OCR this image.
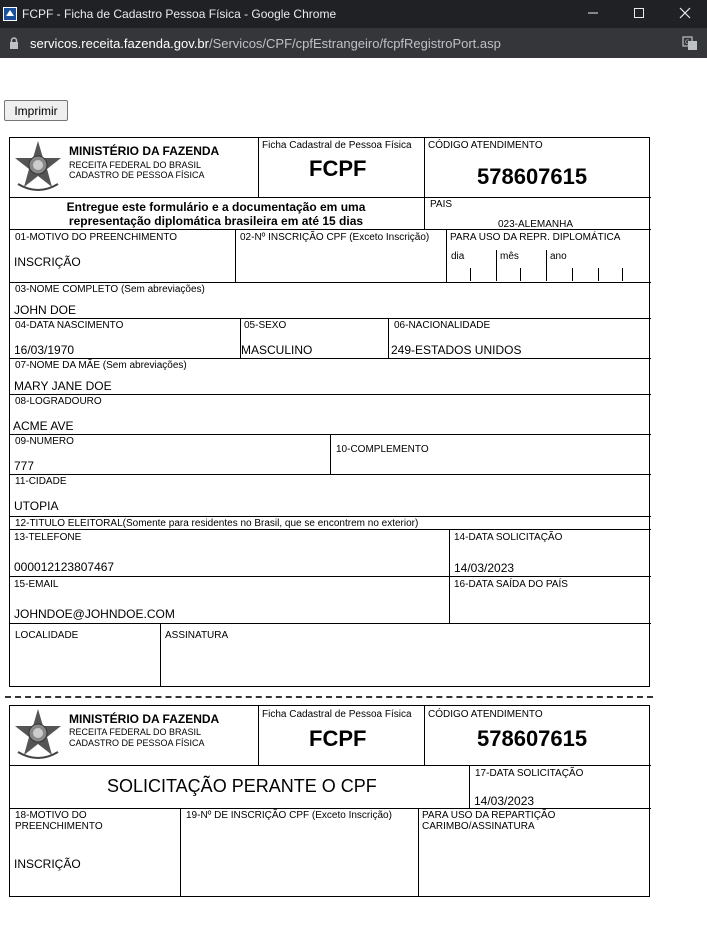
FCPF - Ficha de Cadastro Pessoa Física - Google Chrome
servicos.receita.fazenda.gov.br/Servicos/CPF/cpfEstrangeiro/fcpfRegistroPort.asp	G
Imprimir
MINISTÉRIO DA FAZENDA
RECEITA FEDERAL DO BRASIL
CADASTRO DE PESSOA FÍSICA
Ficha Cadastral de Pessoa Física
FCPF
CÓDIGO ATENDIMENTO
578607615
Entregue este formulário e a documentação em uma representação diplomática brasileira em até 15 dias
PAIS
023-ALEMANHA
01-MOTIVO DO PREENCHIMENTO
INSCRIÇÃO
02-Nº INSCRIÇÃO CPF (Exceto Inscrição) PARA USO DA REPR. DIPLOMÁTICA
dia	mês	ano
03-NOME COMPLETO (Sem abreviações)
JOHN DOE
04-DATA NASCIMENTO
16/03/1970
05-SEXO
MASCULINO
06-NACIONALIDADE
249-ESTADOS UNIDOS
07-NOME DA MÃE (Sem abreviações)
MARY JANE DOE
08-LOGRADOURO
ACME AVE
09-NUMERO
777
10-COMPLEMENTO
11-CIDADE
UTOPIA
12-TITULO ELEITORAL(Somente para residentes no Brasil, que se encontrem no exterior)
13-TELEFONE
000012123807467
14-DATA SOLICITAÇÃO
14/03/2023
15-EMAIL
JOHNDOE@JOHNDOE.COM
16-DATA SAÍDA DO PAÍS
LOCALIDADE	ASSINATURA
MINISTÉRIO DA FAZENDA
RECEITA FEDERAL DO BRASIL
CADASTRO DE PESSOA FÍSICA
Ficha Cadastral de Pessoa Física
FCPF
CÓDIGO ATENDIMENTO
578607615
SOLICITAÇÃO PERANTE O CPF
17-DATA SOLICITAÇÃO
14/03/2023
18-MOTIVO DO
PREENCHIMENTO
INSCRIÇÃO
19-Nº DE INSCRIÇÃO CPF (Exceto Inscrição)	PARA USO DA REPARTIÇÃO
CARIMBO/ASSINATURA
